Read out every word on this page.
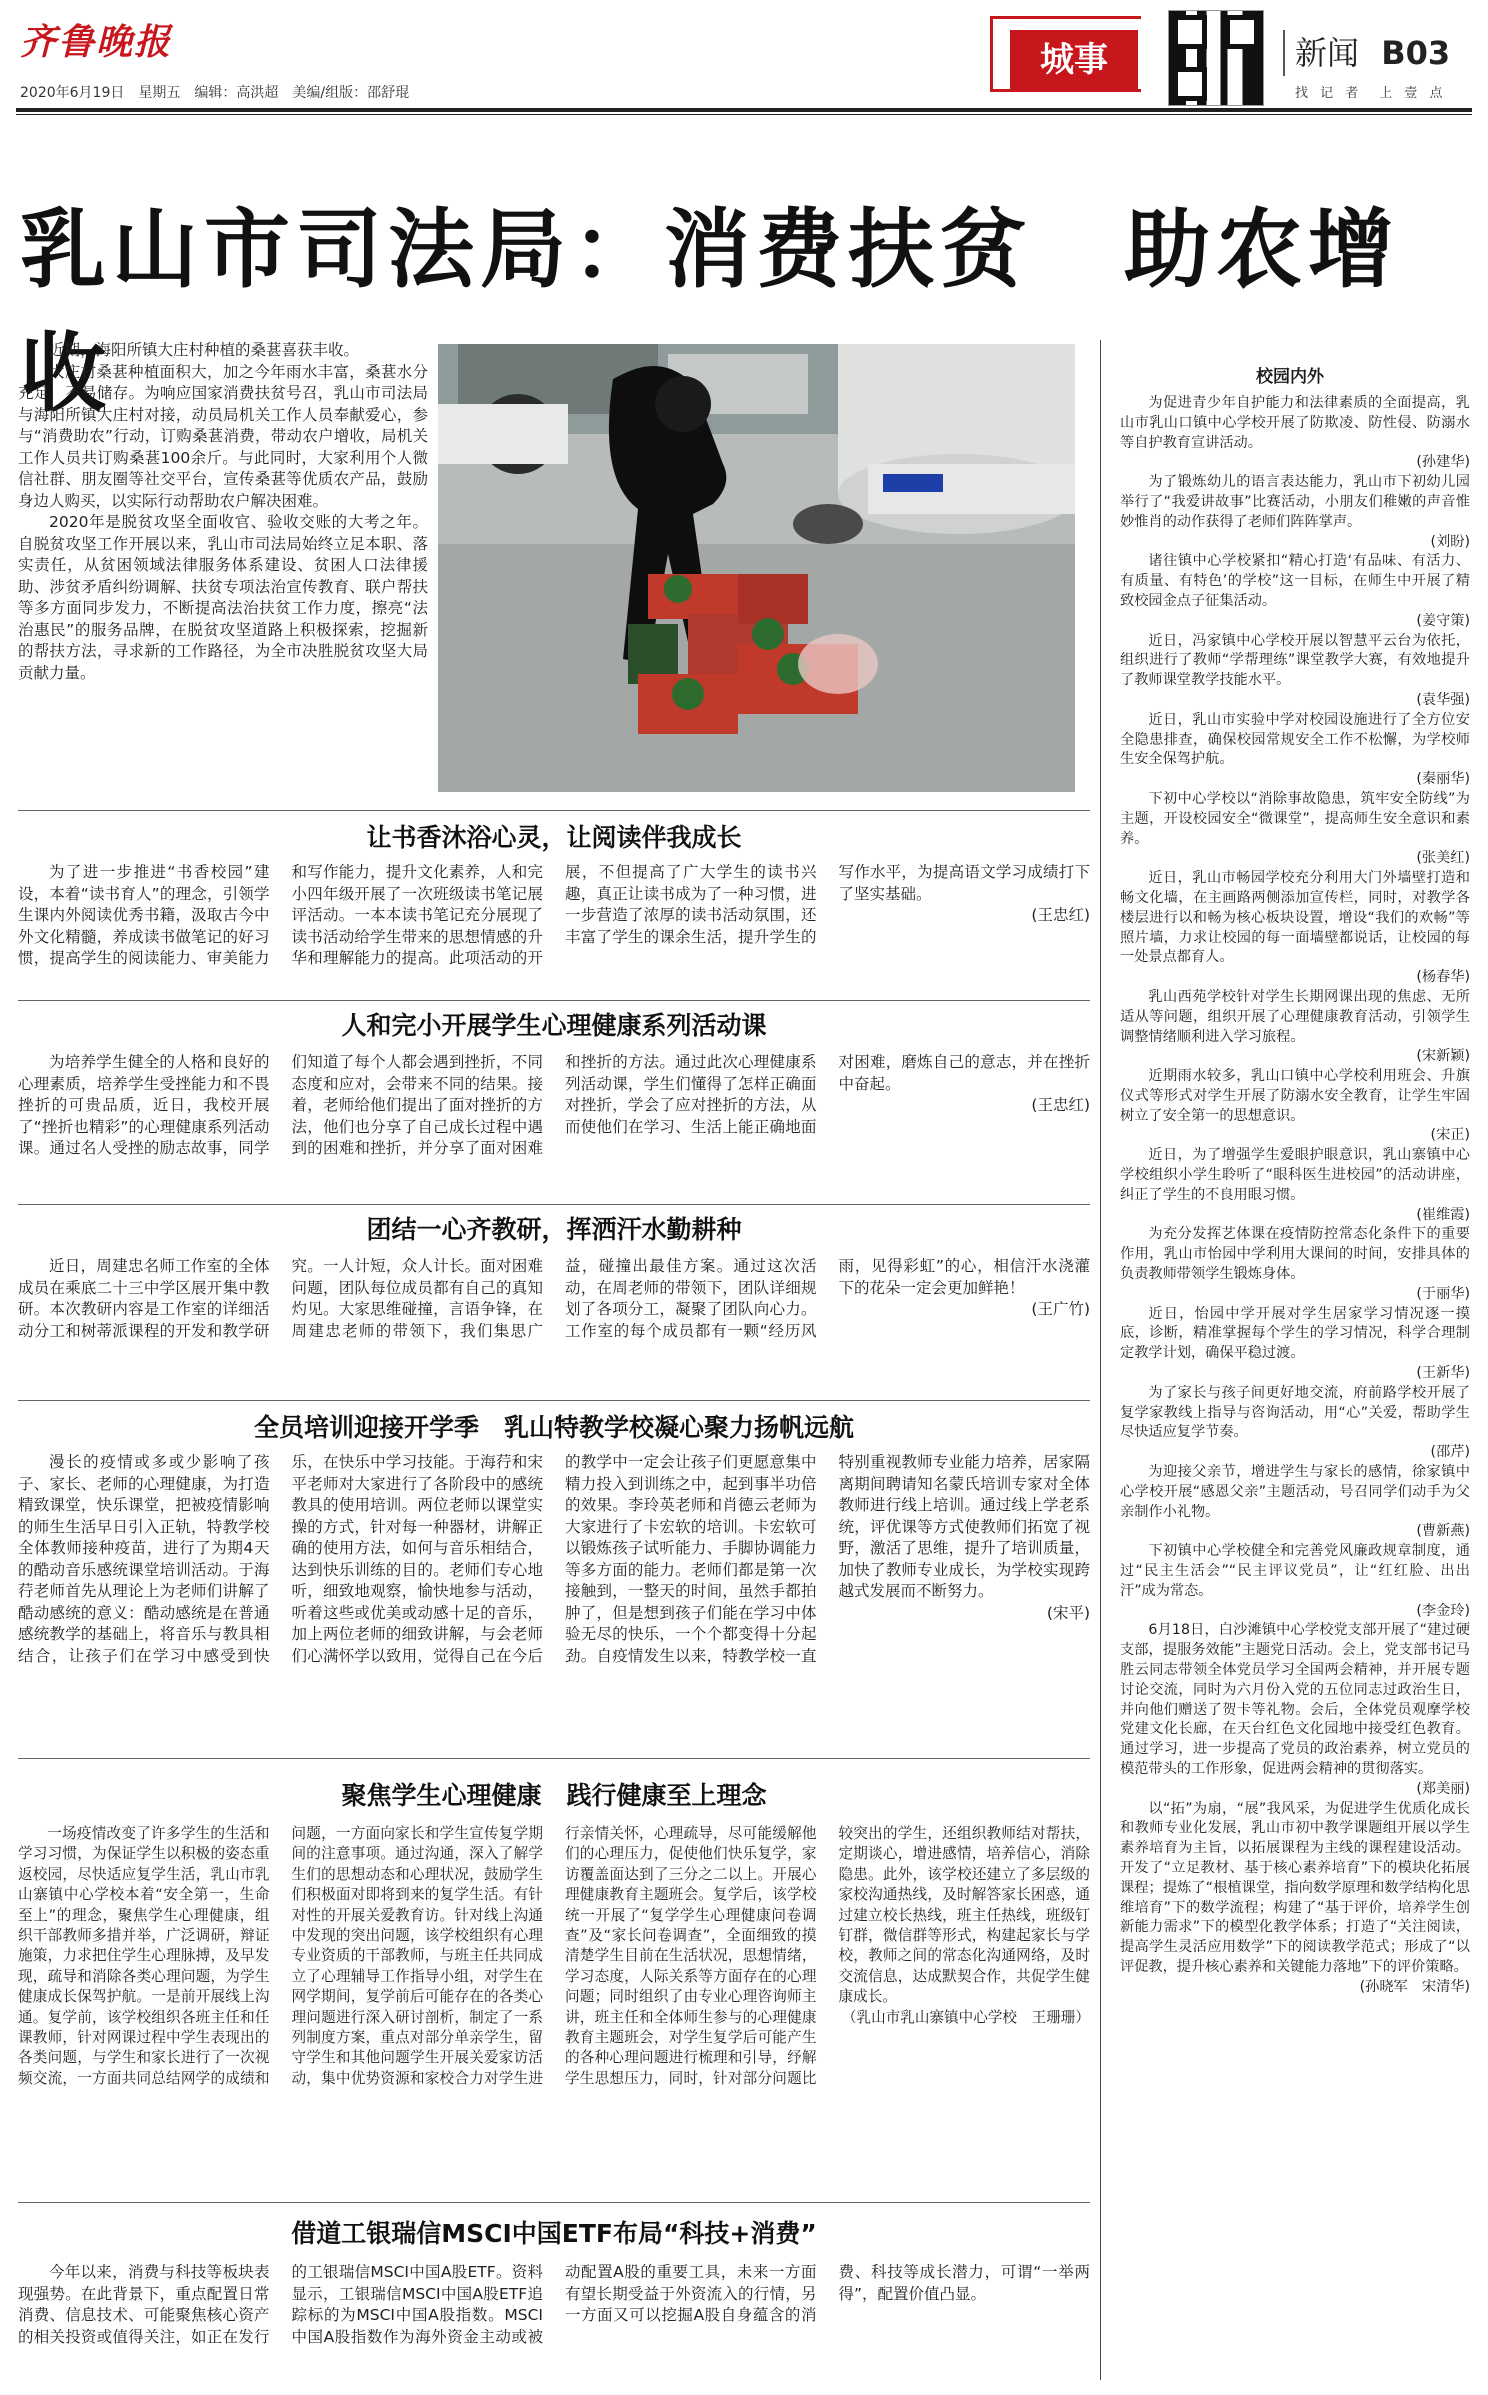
齐鲁晚报
2020年6月19日　星期五　编辑：高洪超　美编/组版：邵舒琨
城事	新闻 B03
找 记 者　上 壹 点
乳山市司法局：消费扶贫　助农增收

近期，海阳所镇大庄村种植的桑葚喜获丰收。

大庄村桑葚种植面积大，加之今年雨水丰富，桑葚水分充足，不易储存。为响应国家消费扶贫号召，乳山市司法局与海阳所镇大庄村对接，动员局机关工作人员奉献爱心，参与“消费助农”行动，订购桑葚消费，带动农户增收，局机关工作人员共订购桑葚100余斤。与此同时，大家利用个人微信社群、朋友圈等社交平台，宣传桑葚等优质农产品，鼓励身边人购买，以实际行动帮助农户解决困难。

2020年是脱贫攻坚全面收官、验收交账的大考之年。自脱贫攻坚工作开展以来，乳山市司法局始终立足本职、落实责任，从贫困领域法律服务体系建设、贫困人口法律援助、涉贫矛盾纠纷调解、扶贫专项法治宣传教育、联户帮扶等多方面同步发力，不断提高法治扶贫工作力度，擦亮“法治惠民”的服务品牌，在脱贫攻坚道路上积极探索，挖掘新的帮扶方法，寻求新的工作路径，为全市决胜脱贫攻坚大局贡献力量。

让书香沐浴心灵，让阅读伴我成长

为了进一步推进“书香校园”建设，本着“读书育人”的理念，引领学生课内外阅读优秀书籍，汲取古今中外文化精髓，养成读书做笔记的好习惯，提高学生的阅读能力、审美能力和写作能力，提升文化素养，人和完小四年级开展了一次班级读书笔记展评活动。一本本读书笔记充分展现了读书活动给学生带来的思想情感的升华和理解能力的提高。此项活动的开展，不但提高了广大学生的读书兴趣，真正让读书成为了一种习惯，进一步营造了浓厚的读书活动氛围，还丰富了学生的课余生活，提升学生的写作水平，为提高语文学习成绩打下了坚实基础。

(王忠红)
人和完小开展学生心理健康系列活动课

为培养学生健全的人格和良好的心理素质，培养学生受挫能力和不畏挫折的可贵品质，近日，我校开展了“挫折也精彩”的心理健康系列活动课。通过名人受挫的励志故事，同学们知道了每个人都会遇到挫折，不同态度和应对，会带来不同的结果。接着，老师给他们提出了面对挫折的方法，他们也分享了自己成长过程中遇到的困难和挫折，并分享了面对困难和挫折的方法。通过此次心理健康系列活动课，学生们懂得了怎样正确面对挫折，学会了应对挫折的方法，从而使他们在学习、生活上能正确地面对困难，磨炼自己的意志，并在挫折中奋起。

(王忠红)
团结一心齐教研，挥洒汗水勤耕种

近日，周建忠名师工作室的全体成员在乘底二十三中学区展开集中教研。本次教研内容是工作室的详细活动分工和树蒂派课程的开发和教学研究。一人计短，众人计长。面对困难问题，团队每位成员都有自己的真知灼见。大家思维碰撞，言语争锋，在周建忠老师的带领下，我们集思广益，碰撞出最佳方案。通过这次活动，在周老师的带领下，团队详细规划了各项分工，凝聚了团队向心力。工作室的每个成员都有一颗“经历风雨，见得彩虹”的心，相信汗水浇灌下的花朵一定会更加鲜艳！

(王广竹)
全员培训迎接开学季　乳山特教学校凝心聚力扬帆远航

漫长的疫情或多或少影响了孩子、家长、老师的心理健康，为打造精致课堂，快乐课堂，把被疫情影响的师生生活早日引入正轨，特教学校全体教师接种疫苗，进行了为期4天的酷动音乐感统课堂培训活动。于海荇老师首先从理论上为老师们讲解了酷动感统的意义：酷动感统是在普通感统教学的基础上，将音乐与教具相结合，让孩子们在学习中感受到快乐，在快乐中学习技能。于海荇和宋平老师对大家进行了各阶段中的感统教具的使用培训。两位老师以课堂实操的方式，针对每一种器材，讲解正确的使用方法，如何与音乐相结合，达到快乐训练的目的。老师们专心地听，细致地观察，愉快地参与活动，听着这些或优美或动感十足的音乐，加上两位老师的细致讲解，与会老师们心满怀学以致用，觉得自己在今后的教学中一定会让孩子们更愿意集中精力投入到训练之中，起到事半功倍的效果。李玲英老师和肖德云老师为大家进行了卡宏软的培训。卡宏软可以锻炼孩子试听能力、手脚协调能力等多方面的能力。老师们都是第一次接触到，一整天的时间，虽然手都拍肿了，但是想到孩子们能在学习中体验无尽的快乐，一个个都变得十分起劲。自疫情发生以来，特教学校一直特别重视教师专业能力培养，居家隔离期间聘请知名蒙氏培训专家对全体教师进行线上培训。通过线上学老系统，评优课等方式使教师们拓宽了视野，激活了思维，提升了培训质量，加快了教师专业成长，为学校实现跨越式发展而不断努力。

(宋平)
聚焦学生心理健康　践行健康至上理念

一场疫情改变了许多学生的生活和学习习惯，为保证学生以积极的姿态重返校园，尽快适应复学生活，乳山市乳山寨镇中心学校本着“安全第一，生命至上”的理念，聚焦学生心理健康，组织干部教师多措并举，广泛调研，辩证施策，力求把住学生心理脉搏，及早发现，疏导和消除各类心理问题，为学生健康成长保驾护航。一是前开展线上沟通。复学前，该学校组织各班主任和任课教师，针对网课过程中学生表现出的各类问题，与学生和家长进行了一次视频交流，一方面共同总结网学的成绩和问题，一方面向家长和学生宣传复学期间的注意事项。通过沟通，深入了解学生们的思想动态和心理状况，鼓励学生们积极面对即将到来的复学生活。有针对性的开展关爱教育访。针对线上沟通中发现的突出问题，该学校组织有心理专业资质的干部教师，与班主任共同成立了心理辅导工作指导小组，对学生在网学期间，复学前后可能存在的各类心理问题进行深入研讨剖析，制定了一系列制度方案，重点对部分单亲学生，留守学生和其他问题学生开展关爱家访活动，集中优势资源和家校合力对学生进行亲情关怀，心理疏导，尽可能缓解他们的心理压力，促使他们快乐复学，家访覆盖面达到了三分之二以上。开展心理健康教育主题班会。复学后，该学校统一开展了“复学学生心理健康问卷调查”及“家长问卷调查”，全面细致的摸清楚学生目前在生活状况，思想情绪，学习态度，人际关系等方面存在的心理问题；同时组织了由专业心理咨询师主讲，班主任和全体师生参与的心理健康教育主题班会，对学生复学后可能产生的各种心理问题进行梳理和引导，纾解学生思想压力，同时，针对部分问题比较突出的学生，还组织教师结对帮扶，定期谈心，增进感情，培养信心，消除隐患。此外，该学校还建立了多层级的家校沟通热线，及时解答家长困惑，通过建立校长热线，班主任热线，班级钉钉群，微信群等形式，构建起家长与学校，教师之间的常态化沟通网络，及时交流信息，达成默契合作，共促学生健康成长。

（乳山市乳山寨镇中心学校　王珊珊）
借道工银瑞信MSCI中国ETF布局“科技+消费”

今年以来，消费与科技等板块表现强势。在此背景下，重点配置日常消费、信息技术、可能聚焦核心资产的相关投资或值得关注，如正在发行的工银瑞信MSCI中国A股ETF。资料显示，工银瑞信MSCI中国A股ETF追踪标的为MSCI中国A股指数。MSCI中国A股指数作为海外资金主动或被动配置A股的重要工具，未来一方面有望长期受益于外资流入的行情，另一方面又可以挖掘A股自身蕴含的消费、科技等成长潜力，可谓“一举两得”，配置价值凸显。

校园内外

为促进青少年自护能力和法律素质的全面提高，乳山市乳山口镇中心学校开展了防欺凌、防性侵、防溺水等自护教育宣讲活动。

(孙建华)

为了锻炼幼儿的语言表达能力，乳山市下初幼儿园举行了“我爱讲故事”比赛活动，小朋友们稚嫩的声音惟妙惟肖的动作获得了老师们阵阵掌声。

(刘盼)

诸往镇中心学校紧扣“精心打造‘有品味、有活力、有质量、有特色’的学校”这一目标，在师生中开展了精致校园金点子征集活动。

(姜守策)

近日，冯家镇中心学校开展以智慧平云台为依托，组织进行了教师“学帮理练”课堂教学大赛，有效地提升了教师课堂教学技能水平。

(袁华强)

近日，乳山市实验中学对校园设施进行了全方位安全隐患排查，确保校园常规安全工作不松懈，为学校师生安全保驾护航。

(秦丽华)

下初中心学校以“消除事故隐患，筑牢安全防线”为主题，开设校园安全“微课堂”，提高师生安全意识和素养。

(张美红)

近日，乳山市畅园学校充分利用大门外墙壁打造和畅文化墙，在主画路两侧添加宣传栏，同时，对教学各楼层进行以和畅为核心板块设置，增设“我们的欢畅”等照片墙，力求让校园的每一面墙壁都说话，让校园的每一处景点都育人。

(杨春华)

乳山西苑学校针对学生长期网课出现的焦虑、无所适从等问题，组织开展了心理健康教育活动，引领学生调整情绪顺利进入学习旅程。

(宋新颖)

近期雨水较多，乳山口镇中心学校利用班会、升旗仪式等形式对学生开展了防溺水安全教育，让学生牢固树立了安全第一的思想意识。

(宋正)

近日，为了增强学生爱眼护眼意识，乳山寨镇中心学校组织小学生聆听了“眼科医生进校园”的活动讲座，纠正了学生的不良用眼习惯。

(崔维霞)

为充分发挥艺体课在疫情防控常态化条件下的重要作用，乳山市怡园中学利用大课间的时间，安排具体的负责教师带领学生锻炼身体。

(于丽华)

近日，怡园中学开展对学生居家学习情况逐一摸底，诊断，精准掌握每个学生的学习情况，科学合理制定教学计划，确保平稳过渡。

(王新华)

为了家长与孩子间更好地交流，府前路学校开展了复学家教线上指导与咨询活动，用“心”关爱，帮助学生尽快适应复学节奏。

(邵芹)

为迎接父亲节，增进学生与家长的感情，徐家镇中心学校开展“感恩父亲”主题活动，号召同学们动手为父亲制作小礼物。

(曹新燕)

下初镇中心学校健全和完善党风廉政规章制度，通过“民主生活会”“民主评议党员”，让“红红脸、出出汗”成为常态。

(李金玲)

6月18日，白沙滩镇中心学校党支部开展了“建过硬支部，提服务效能”主题党日活动。会上，党支部书记马胜云同志带领全体党员学习全国两会精神，并开展专题讨论交流，同时为六月份入党的五位同志过政治生日，并向他们赠送了贺卡等礼物。会后，全体党员观摩学校党建文化长廊，在天台红色文化园地中接受红色教育。通过学习，进一步提高了党员的政治素养，树立党员的模范带头的工作形象，促进两会精神的贯彻落实。

(郑美丽)

以“拓”为扇，“展”我风采，为促进学生优质化成长和教师专业化发展，乳山市初中教学课题组开展以学生素养培育为主旨，以拓展课程为主线的课程建设活动。开发了“立足教材、基于核心素养培育”下的模块化拓展课程；提炼了“根植课堂，指向数学原理和数学结构化思维培育”下的数学流程；构建了“基于评价，培养学生创新能力需求”下的模型化教学体系；打造了“关注阅读，提高学生灵活应用数学”下的阅读教学范式；形成了“以评促教，提升核心素养和关键能力落地”下的评价策略。

(孙晓军　宋清华)
